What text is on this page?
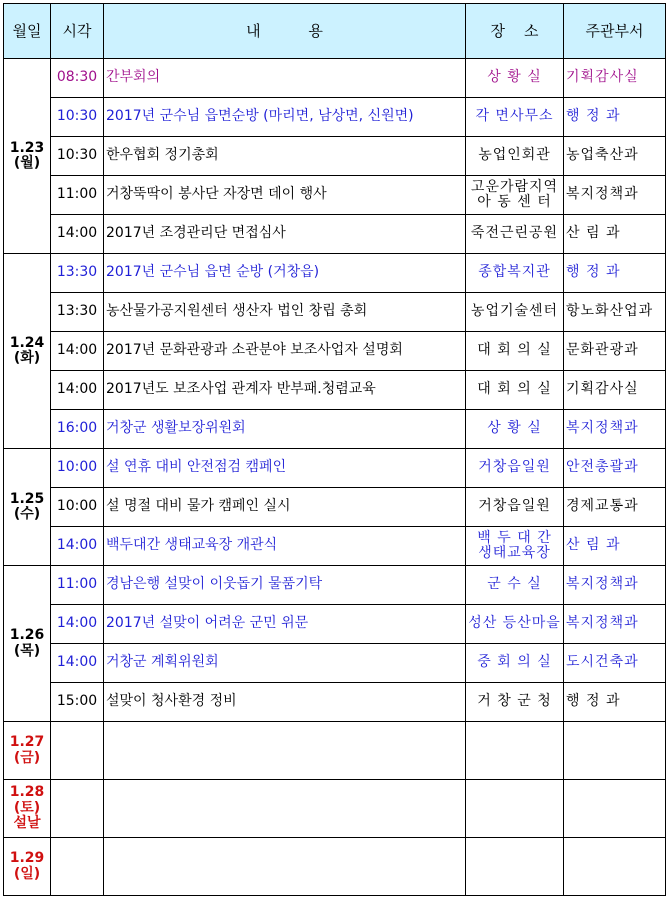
월일	시각	내          용	장    소	주관부서

1.23
(월)	08:30	간부회의	상 황 실	기획감사실
	10:30	2017년 군수님 읍면순방 (마리면, 남상면, 신원면)	각 면사무소	행 정 과
	10:30	한우협회 정기총회	농업인회관	농업축산과
	11:00	거창뚝딱이 봉사단 자장면 데이 행사	고운가람지역아 동 센 터	복지정책과
	14:00	2017년 조경관리단 면접심사	죽전근린공원	산 림 과

1.24
(화)	13:30	2017년 군수님 읍면 순방 (거창읍)	종합복지관	행 정 과
	13:30	농산물가공지원센터 생산자 법인 창립 총회	농업기술센터	항노화산업과
	14:00	2017년 문화관광과 소관분야 보조사업자 설명회	대 회 의 실	문화관광과
	14:00	2017년도 보조사업 관계자 반부패.청렴교육	대 회 의 실	기획감사실
	16:00	거창군 생활보장위원회	상 황 실	복지정책과

1.25
(수)	10:00	설 연휴 대비 안전점검 캠페인	거창읍일원	안전총괄과
	10:00	설 명절 대비 물가 캠페인 실시	거창읍일원	경제교통과
	14:00	백두대간 생태교육장 개관식	백 두 대 간 생태교육장	산 림 과

1.26
(목)	11:00	경남은행 설맞이 이웃돕기 물품기탁	군 수 실	복지정책과
	14:00	2017년 설맞이 어려운 군민 위문	성산 등산마을	복지정책과
	14:00	거창군 계획위원회	중 회 의 실	도시건축과
	15:00	설맞이 청사환경 정비	거 창 군 청	행 정 과

1.27
(금)				

1.28
(토)
설날				

1.29
(일)				
